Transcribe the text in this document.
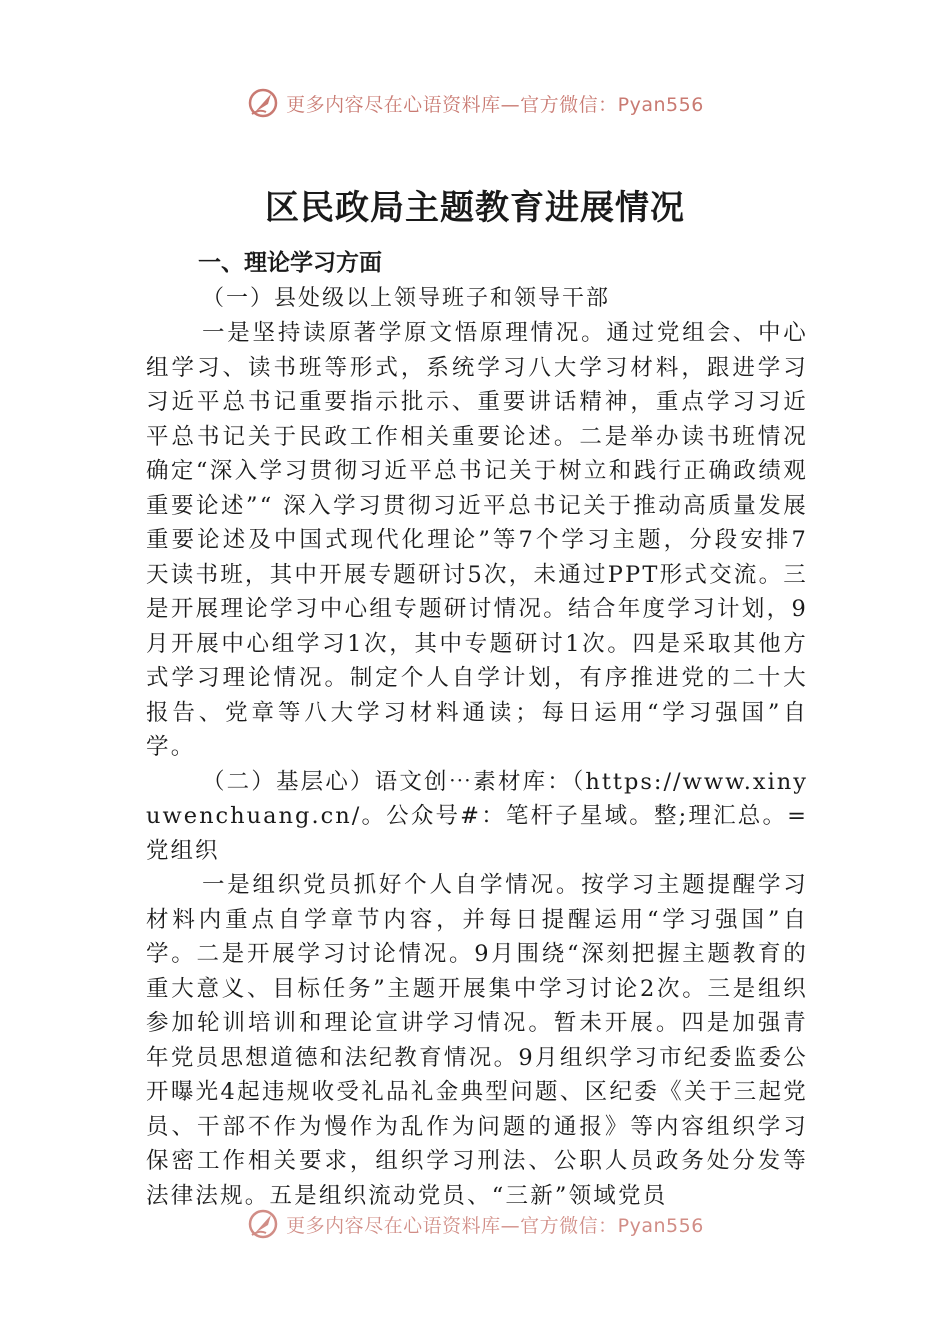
更多内容尽在心语资料库—官方微信：Pyan556
区民政局主题教育进展情况
一、理论学习方面
（一）县处级以上领导班子和领导干部

一是坚持读原著学原文悟原理情况。通过党组会、中心组学习、读书班等形式，系统学习八大学习材料，跟进学习习近平总书记重要指示批示、重要讲话精神，重点学习习近平总书记关于民政工作相关重要论述。二是举办读书班情况确定“深入学习贯彻习近平总书记关于树立和践行正确政绩观重要论述”“ 深入学习贯彻习近平总书记关于推动高质量发展重要论述及中国式现代化理论”等7个学习主题，分段安排7天读书班，其中开展专题研讨5次，未通过PPT形式交流。三是开展理论学习中心组专题研讨情况。结合年度学习计划，9月开展中心组学习1次，其中专题研讨1次。四是采取其他方式学习理论情况。制定个人自学计划，有序推进党的二十大报告、党章等八大学习材料通读；每日运用“学习强国”自学。

（二）基层心）语文创⋯素材库：（https://www.xinyuwenchuang.cn/。公众号#：笔杆子星域。整;理汇总。=党组织

一是组织党员抓好个人自学情况。按学习主题提醒学习材料内重点自学章节内容，并每日提醒运用“学习强国”自学。二是开展学习讨论情况。9月围绕“深刻把握主题教育的重大意义、目标任务”主题开展集中学习讨论2次。三是组织参加轮训培训和理论宣讲学习情况。暂未开展。四是加强青年党员思想道德和法纪教育情况。9月组织学习市纪委监委公开曝光4起违规收受礼品礼金典型问题、区纪委《关于三起党员、干部不作为慢作为乱作为问题的通报》等内容组织学习保密工作相关要求，组织学习刑法、公职人员政务处分发等法律法规。五是组织流动党员、“三新”领域党员

更多内容尽在心语资料库—官方微信：Pyan556
